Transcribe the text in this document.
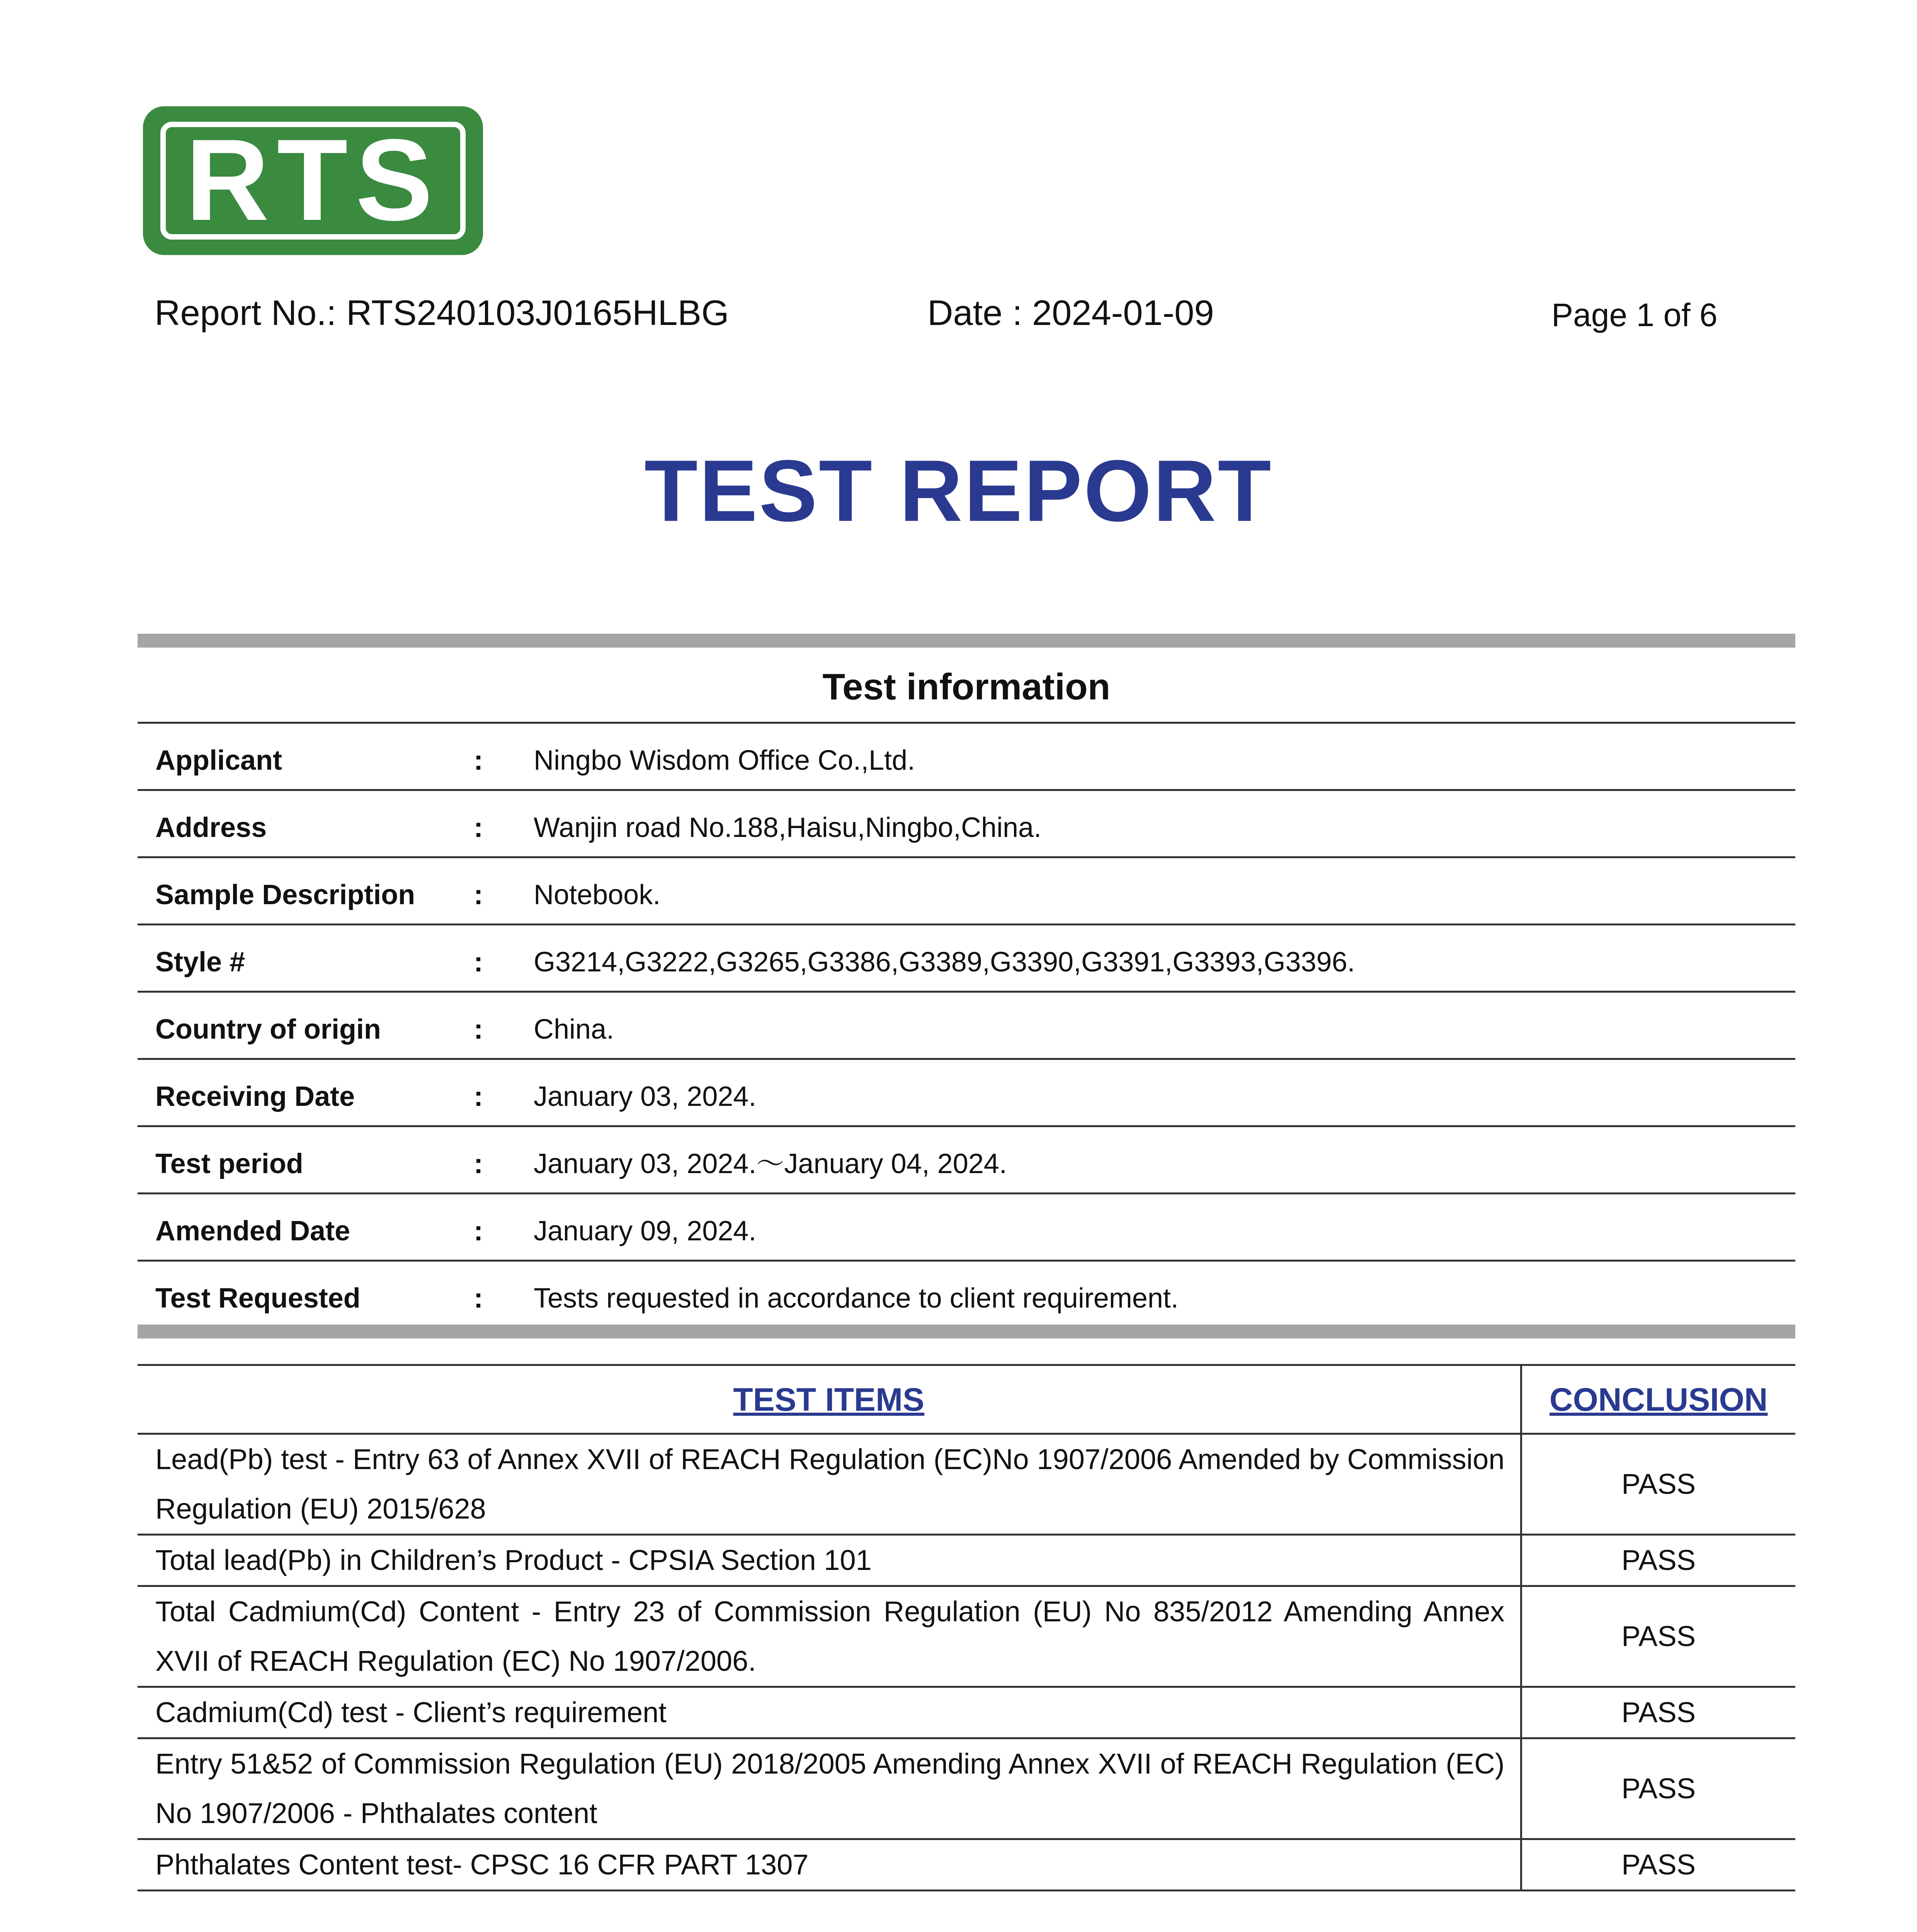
RTS
Report No.: RTS240103J0165HLBG	Date : 2024-01-09	Page 1 of 6
TEST REPORT
Test information
Applicant	: Ningbo Wisdom Office Co.,Ltd.
Address	: Wanjin road No.188,Haisu,Ningbo,China.
Sample Description : Notebook.
Style #	: G3214,G3222,G3265,G3386,G3389,G3390,G3391,G3393,G3396.
Country of origin	: China.
Receiving Date	: January 03, 2024.
Test period	: January 03, 2024.～January 04, 2024.
Amended Date	: January 09, 2024.
Test Requested	: Tests requested in accordance to client requirement.
TEST ITEMS	CONCLUSION
Lead(Pb) test - Entry 63 of Annex XVII of REACH Regulation (EC)No 1907/2006 Amended by Commission Regulation (EU) 2015/628	PASS
Total lead(Pb) in Children’s Product - CPSIA Section 101	PASS
Total Cadmium(Cd) Content - Entry 23 of Commission Regulation (EU) No 835/2012 Amending Annex XVII of REACH Regulation (EC) No 1907/2006.	PASS
Cadmium(Cd) test - Client’s requirement	PASS
Entry 51&52 of Commission Regulation (EU) 2018/2005 Amending Annex XVII of REACH Regulation (EC) No 1907/2006 - Phthalates content	PASS
Phthalates Content test- CPSC 16 CFR PART 1307	PASS
